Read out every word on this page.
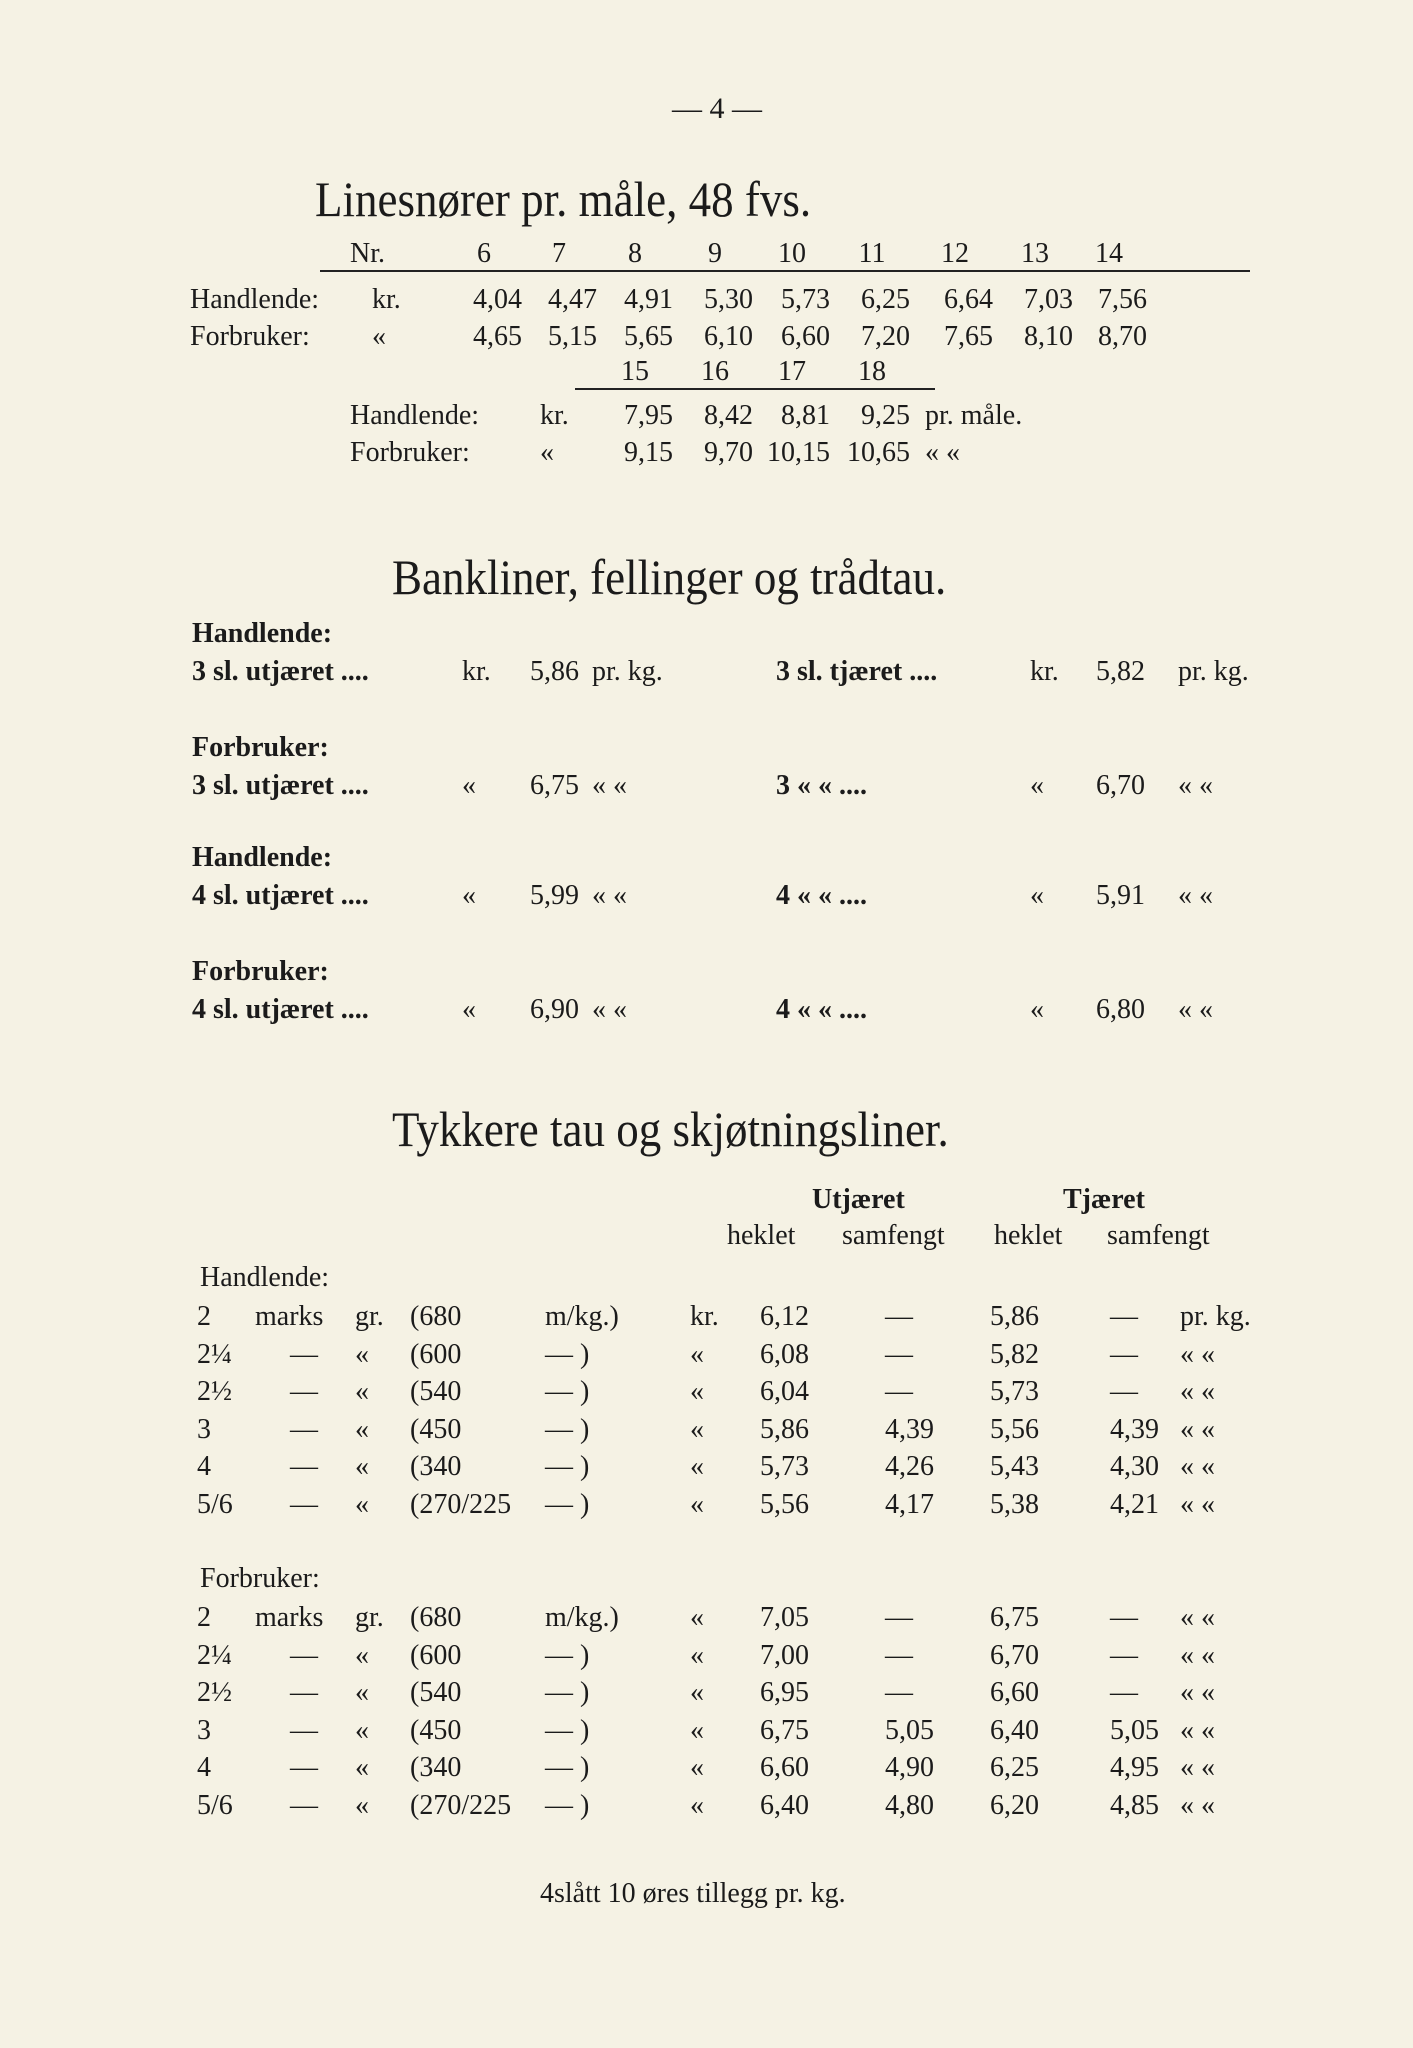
— 4 —
Linesnører pr. måle, 48 fvs.
Nr.	6 7 8 9 10 11 12 13 14
Handlende: kr.	4,04 4,47 4,91 5,30 5,73 6,25 6,64 7,03 7,56
Forbruker: «	4,65 5,15 5,65 6,10 6,60 7,20 7,65 8,10 8,70
15 16 17 18
Handlende: kr. 7,95 8,42 8,81 9,25 pr. måle.
Forbruker:	«	9,15 9,70 10,15 10,65 « «
Bankliner, fellinger og trådtau.
Handlende:
3 sl. utjæret ....	kr. 5,86 pr. kg.	3 sl. tjæret ....	kr. 5,82 pr. kg.
Forbruker:
3 sl. utjæret ....	« 6,75 « «	3 « « ....	« 6,70 « «
Handlende:
4 sl. utjæret ....	« 5,99 « «	4 « « ....	« 5,91 « «
Forbruker:
4 sl. utjæret ....	« 6,90 « «	4 « « ....	« 6,80 « «
Tykkere tau og skjøtningsliner.
Utjæret	Tjæret
heklet samfengt heklet samfengt
Handlende:
2 marks gr. (680	m/kg.)	kr. 6,12	—	5,86	— pr. kg.
2¼ — « (600	— )	« 6,08	—	5,82	— « «
2½ — « (540	— )	« 6,04	—	5,73	— « «
3	— « (450	— )	« 5,86	4,39 5,56	4,39 « «
4	— « (340	— )	« 5,73	4,26 5,43	4,30 « «
5/6 — « (270/225 — )	« 5,56	4,17 5,38	4,21 « «
Forbruker:
2 marks gr. (680	m/kg.)	« 7,05	—	6,75	— « «
2¼ — « (600	— )	« 7,00	—	6,70	— « «
2½ — « (540	— )	« 6,95	—	6,60	— « «
3	— « (450	— )	« 6,75	5,05 6,40	5,05 « «
4	— « (340	— )	« 6,60	4,90 6,25	4,95 « «
5/6 — « (270/225 — )	« 6,40	4,80 6,20	4,85 « «
4slått 10 øres tillegg pr. kg.
